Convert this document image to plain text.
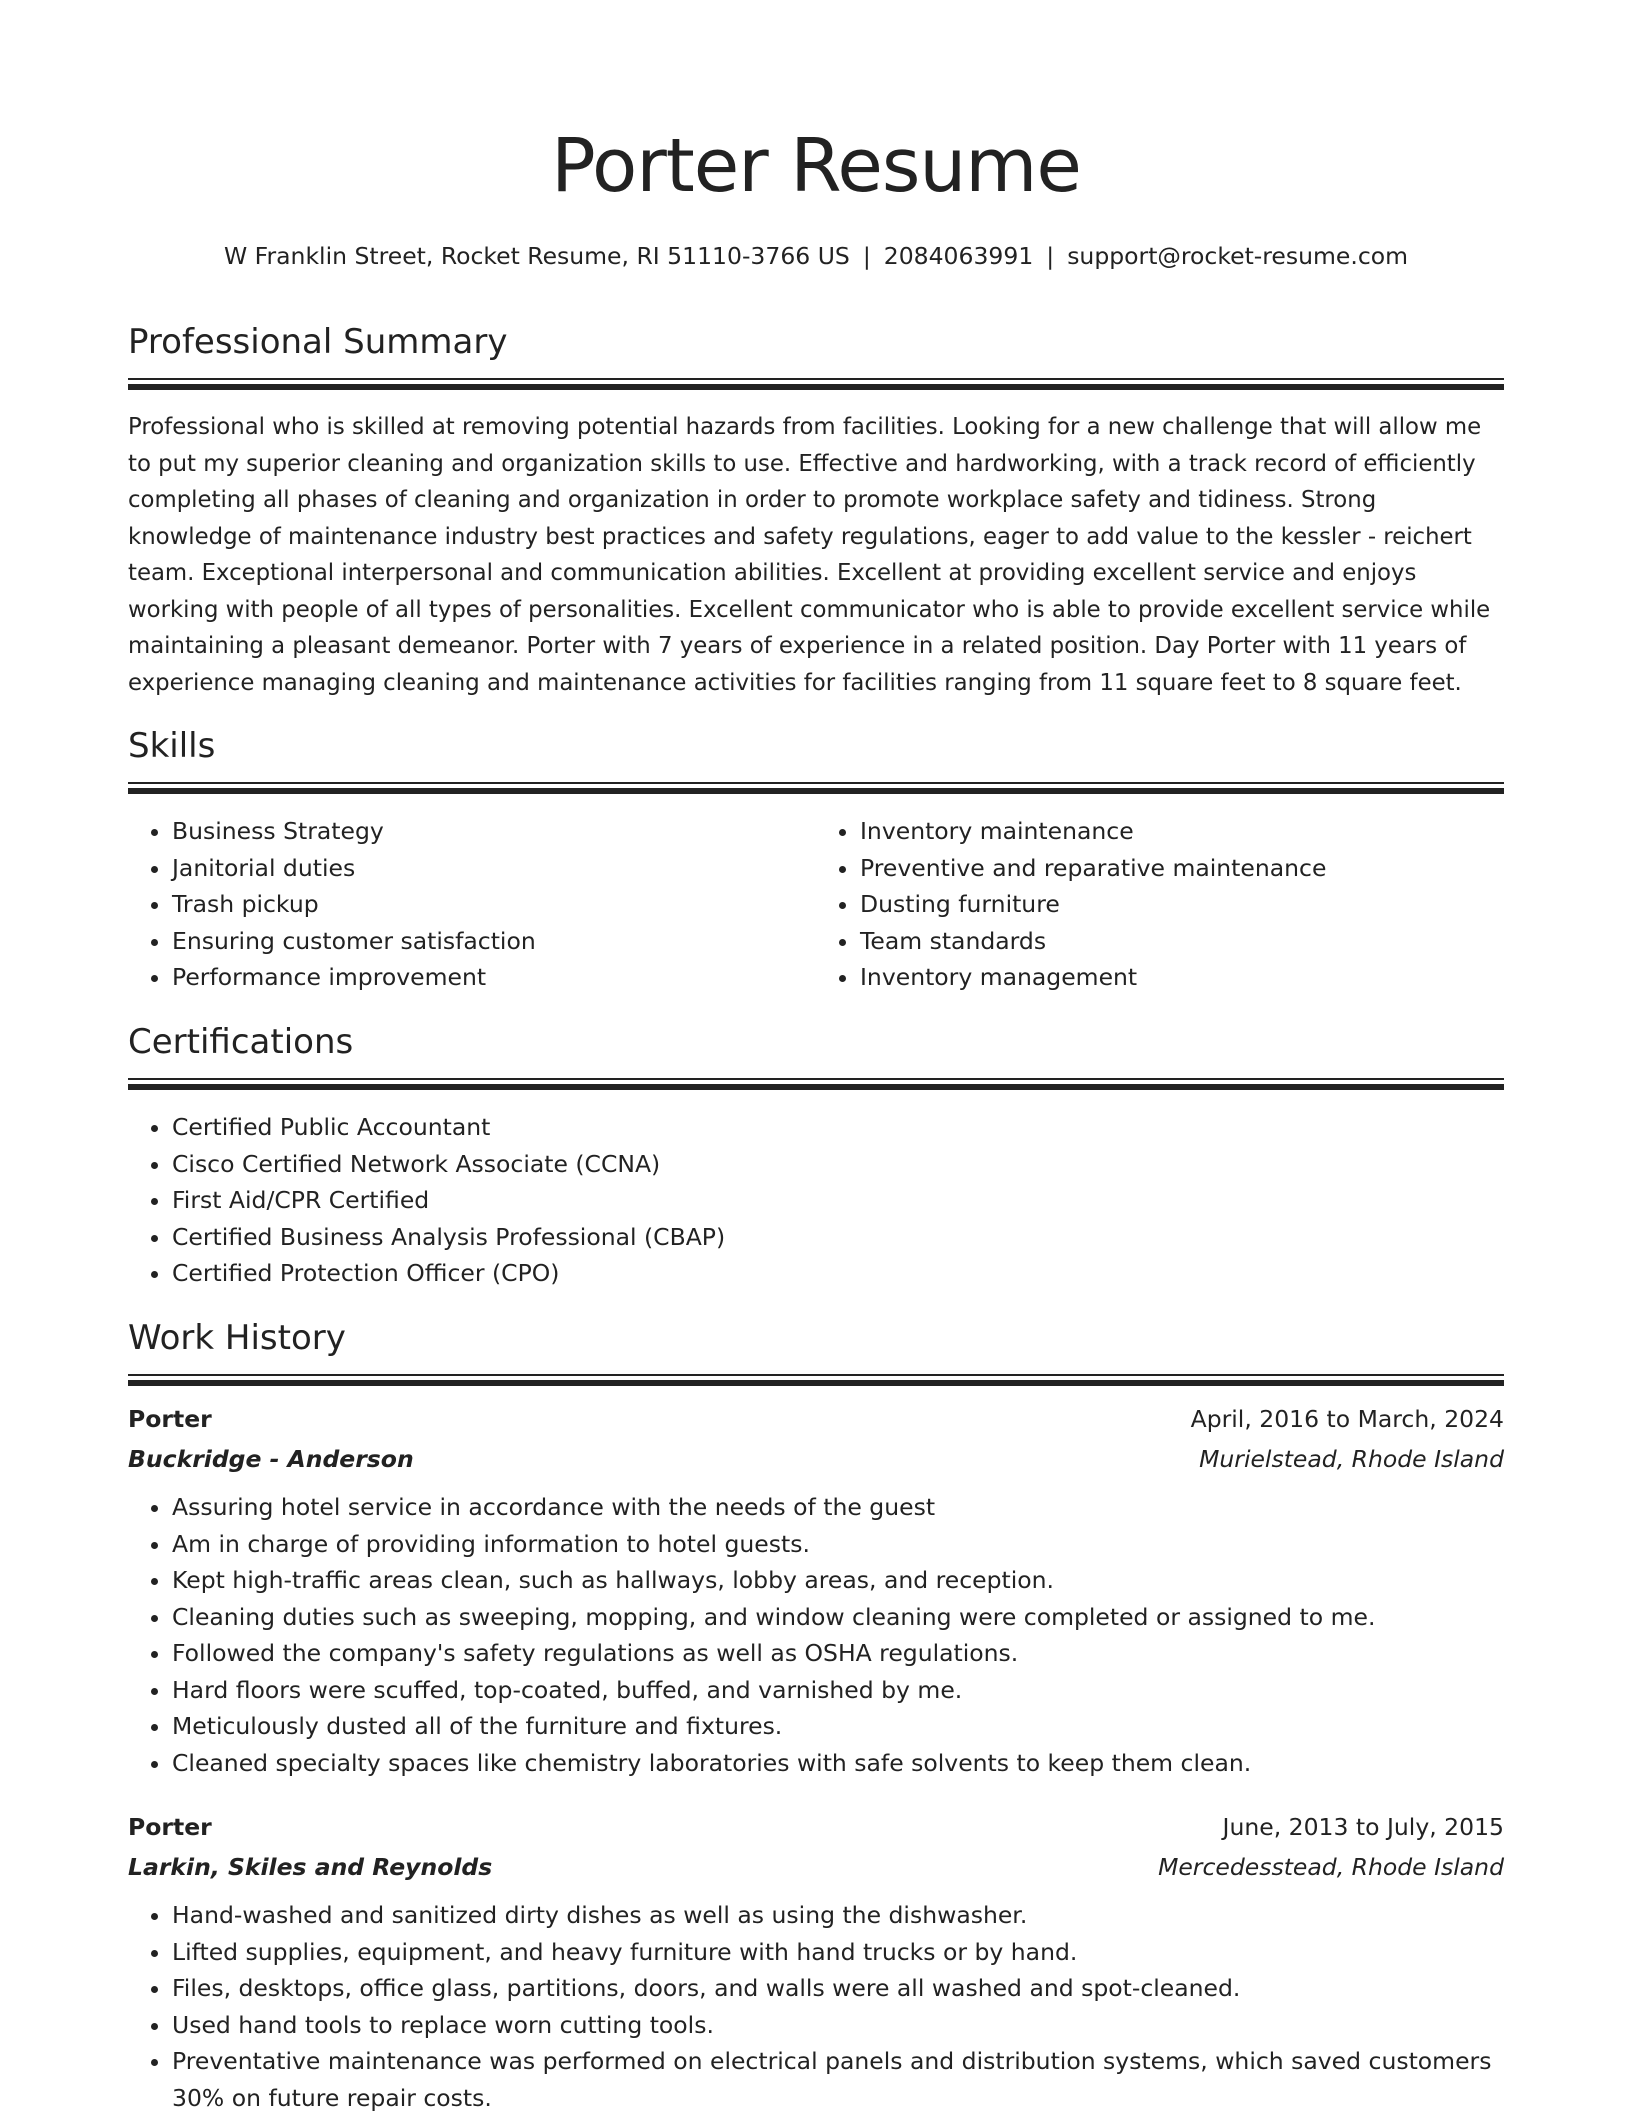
Porter Resume
W Franklin Street, Rocket Resume, RI 51110-3766 US | 2084063991 | support@rocket-resume.com
Professional Summary

Professional who is skilled at removing potential hazards from facilities. Looking for a new challenge that will allow me to put my superior cleaning and organization skills to use. Effective and hardworking, with a track record of efficiently completing all phases of cleaning and organization in order to promote workplace safety and tidiness. Strong knowledge of maintenance industry best practices and safety regulations, eager to add value to the kessler - reichert team. Exceptional interpersonal and communication abilities. Excellent at providing excellent service and enjoys working with people of all types of personalities. Excellent communicator who is able to provide excellent service while maintaining a pleasant demeanor. Porter with 7 years of experience in a related position. Day Porter with 11 years of experience managing cleaning and maintenance activities for facilities ranging from 11 square feet to 8 square feet.

Skills
• Business Strategy
• Janitorial duties
• Trash pickup
• Ensuring customer satisfaction
• Performance improvement
• Inventory maintenance
• Preventive and reparative maintenance
• Dusting furniture
• Team standards
• Inventory management
Certifications
• Certified Public Accountant
• Cisco Certified Network Associate (CCNA)
• First Aid/CPR Certified
• Certified Business Analysis Professional (CBAP)
• Certified Protection Officer (CPO)
Work History
Porter	April, 2016 to March, 2024
Buckridge - Anderson	Murielstead, Rhode Island
• Assuring hotel service in accordance with the needs of the guest
• Am in charge of providing information to hotel guests.
• Kept high-traffic areas clean, such as hallways, lobby areas, and reception.
• Cleaning duties such as sweeping, mopping, and window cleaning were completed or assigned to me.
• Followed the company's safety regulations as well as OSHA regulations.
• Hard floors were scuffed, top-coated, buffed, and varnished by me.
• Meticulously dusted all of the furniture and fixtures.
• Cleaned specialty spaces like chemistry laboratories with safe solvents to keep them clean.
Porter	June, 2013 to July, 2015
Larkin, Skiles and Reynolds	Mercedesstead, Rhode Island
• Hand-washed and sanitized dirty dishes as well as using the dishwasher.
• Lifted supplies, equipment, and heavy furniture with hand trucks or by hand.
• Files, desktops, office glass, partitions, doors, and walls were all washed and spot-cleaned.
• Used hand tools to replace worn cutting tools.
• Preventative maintenance was performed on electrical panels and distribution systems, which saved customers 30% on future repair costs.
